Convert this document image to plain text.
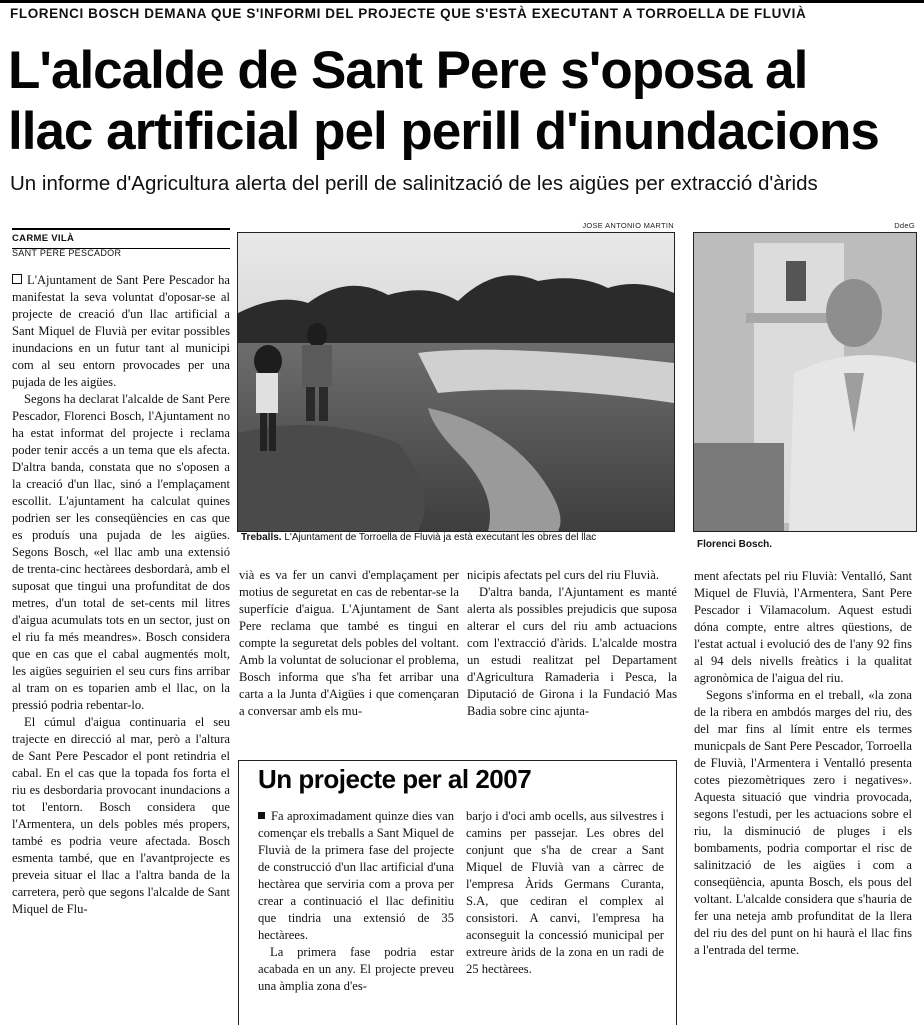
FLORENCI BOSCH DEMANA QUE S'INFORMI DEL PROJECTE QUE S'ESTÀ EXECUTANT A TORROELLA DE FLUVIÀ
L'alcalde de Sant Pere s'oposa al
llac artificial pel perill d'inundacions
Un informe d'Agricultura alerta del perill de salinització de les aigües per extracció d'àrids
CARME VILÀ
SANT PERE PESCADOR

L'Ajuntament de Sant Pere Pescador ha manifestat la seva voluntat d'oposar-se al projecte de creació d'un llac artificial a Sant Miquel de Fluvià per evitar possibles inundacions en un futur tant al municipi com al seu entorn provocades per una pujada de les aigües.

Segons ha declarat l'alcalde de Sant Pere Pescador, Florenci Bosch, l'Ajuntament no ha estat informat del projecte i reclama poder tenir accés a un tema que els afecta. D'altra banda, constata que no s'oposen a la creació d'un llac, sinó a l'emplaçament escollit. L'ajuntament ha calculat quines podrien ser les conseqüències en cas que es produís una pujada de les aigües. Segons Bosch, «el llac amb una extensió de trenta-cinc hectàrees desbordarà, amb el suposat que tingui una profunditat de dos metres, d'un total de set-cents mil litres d'aigua acumulats tots en un sector, just on el riu fa més meandres». Bosch considera que en cas que el cabal augmentés molt, les aigües seguirien el seu curs fins arribar al tram on es toparien amb el llac, on la pressió podria rebentar-lo.

El cúmul d'aigua continuaria el seu trajecte en direcció al mar, però a l'altura de Sant Pere Pescador el pont retindria el cabal. En el cas que la topada fos forta el riu es desbordaria provocant inundacions a tot l'entorn. Bosch considera que l'Armentera, un dels pobles més propers, també es podria veure afectada. Bosch esmenta també, que en l'avantprojecte es preveia situar el llac a l'altra banda de la carretera, però que segons l'alcalde de Sant Miquel de Flu-

JOSE ANTONIO MARTIN
Treballs. L'Ajuntament de Torroella de Fluvià ja està executant les obres del llac
DdeG
Florenci Bosch.

vià es va fer un canvi d'emplaçament per motius de seguretat en cas de rebentar-se la superfície d'aigua. L'Ajuntament de Sant Pere reclama que també es tingui en compte la seguretat dels pobles del voltant. Amb la voluntat de solucionar el problema, Bosch informa que s'ha fet arribar una carta a la Junta d'Aigües i que començaran a conversar amb els mu-

nicipis afectats pel curs del riu Fluvià.

D'altra banda, l'Ajuntament es manté alerta als possibles prejudicis que suposa alterar el curs del riu amb actuacions com l'extracció d'àrids. L'alcalde mostra un estudi realitzat pel Departament d'Agricultura Ramaderia i Pesca, la Diputació de Girona i la Fundació Mas Badia sobre cinc ajunta-

ment afectats pel riu Fluvià: Ventalló, Sant Miquel de Fluvià, l'Armentera, Sant Pere Pescador i Vilamacolum. Aquest estudi dóna compte, entre altres qüestions, de l'estat actual i evolució des de l'any 92 fins al 94 dels nivells freàtics i la qualitat agronòmica de l'aigua del riu.

Segons s'informa en el treball, «la zona de la ribera en ambdós marges del riu, des del mar fins al límit entre els termes municpals de Sant Pere Pescador, Torroella de Fluvià, l'Armentera i Ventalló presenta cotes piezomètriques zero i negatives». Aquesta situació que vindria provocada, segons l'estudi, per les actuacions sobre el riu, la disminució de pluges i els bombaments, podria comportar el risc de salinització de les aigües i com a conseqüència, apunta Bosch, els pous del voltant. L'alcalde considera que s'hauria de fer una neteja amb profunditat de la llera del riu des del punt on hi haurà el llac fins a l'entrada del terme.

Un projecte per al 2007

Fa aproximadament quinze dies van començar els treballs a Sant Miquel de Fluvià de la primera fase del projecte de construcció d'un llac artificial d'una hectàrea que serviria com a prova per crear a continuació el llac definitiu que tindria una extensió de 35 hectàrees.

La primera fase podria estar acabada en un any. El projecte preveu una àmplia zona d'es-

barjo i d'oci amb ocells, aus silvestres i camins per passejar. Les obres del conjunt que s'ha de crear a Sant Miquel de Fluvià van a càrrec de l'empresa Àrids Germans Curanta, S.A, que cediran el complex al consistori. A canvi, l'empresa ha aconseguit la concessió municipal per extreure àrids de la zona en un radi de 25 hectàrees.
